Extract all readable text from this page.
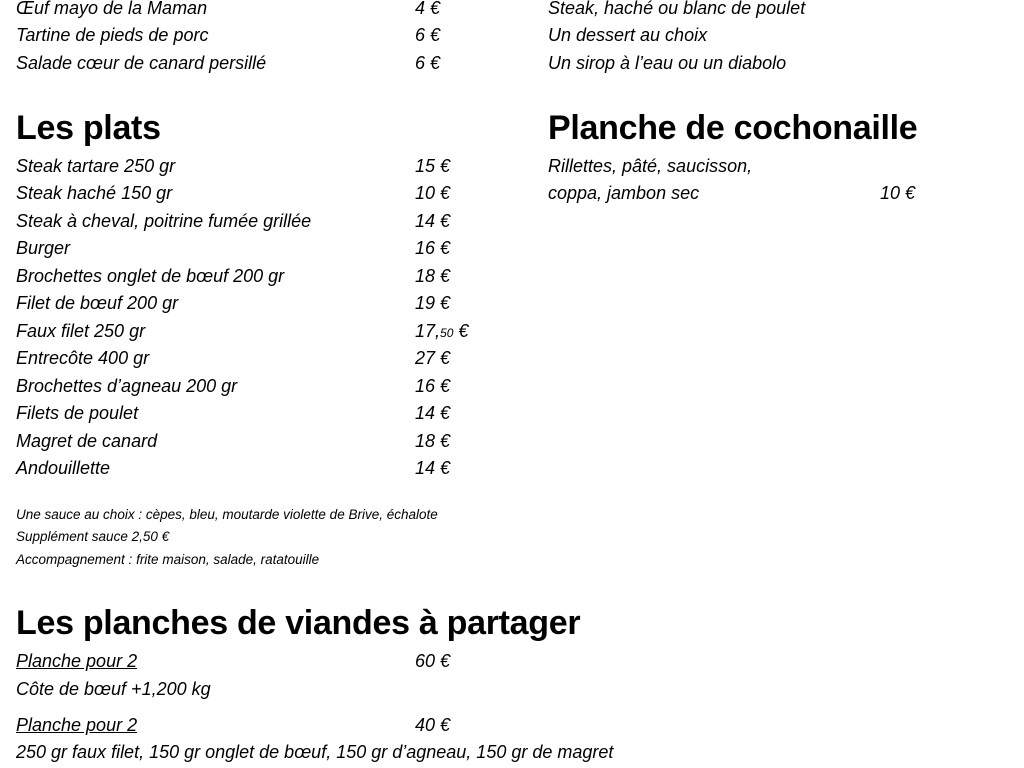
Œuf mayo de la Maman	4 €
Tartine de pieds de porc	6 €
Salade cœur de canard persillé	6 €
Steak, haché ou blanc de poulet
Un dessert au choix
Un sirop à l’eau ou un diabolo
Les plats
Steak tartare 250 gr	15 €
Steak haché 150 gr	10 €
Steak à cheval, poitrine fumée grillée	14 €
Burger	16 €
Brochettes onglet de bœuf 200 gr	18 €
Filet de bœuf 200 gr	19 €
Faux filet 250 gr	17,50 €
Entrecôte 400 gr	27 €
Brochettes d’agneau 200 gr	16 €
Filets de poulet	14 €
Magret de canard	18 €
Andouillette	14 €
Une sauce au choix : cèpes, bleu, moutarde violette de Brive, échalote
Supplément sauce 2,50 €
Accompagnement : frite maison, salade, ratatouille
Planche de cochonaille
Rillettes, pâté, saucisson,
coppa, jambon sec	10 €
Les planches de viandes à partager
Planche pour 2	60 €
Côte de bœuf +1,200 kg
Planche pour 2	40 €
250 gr faux filet, 150 gr onglet de bœuf, 150 gr d’agneau, 150 gr de magret
